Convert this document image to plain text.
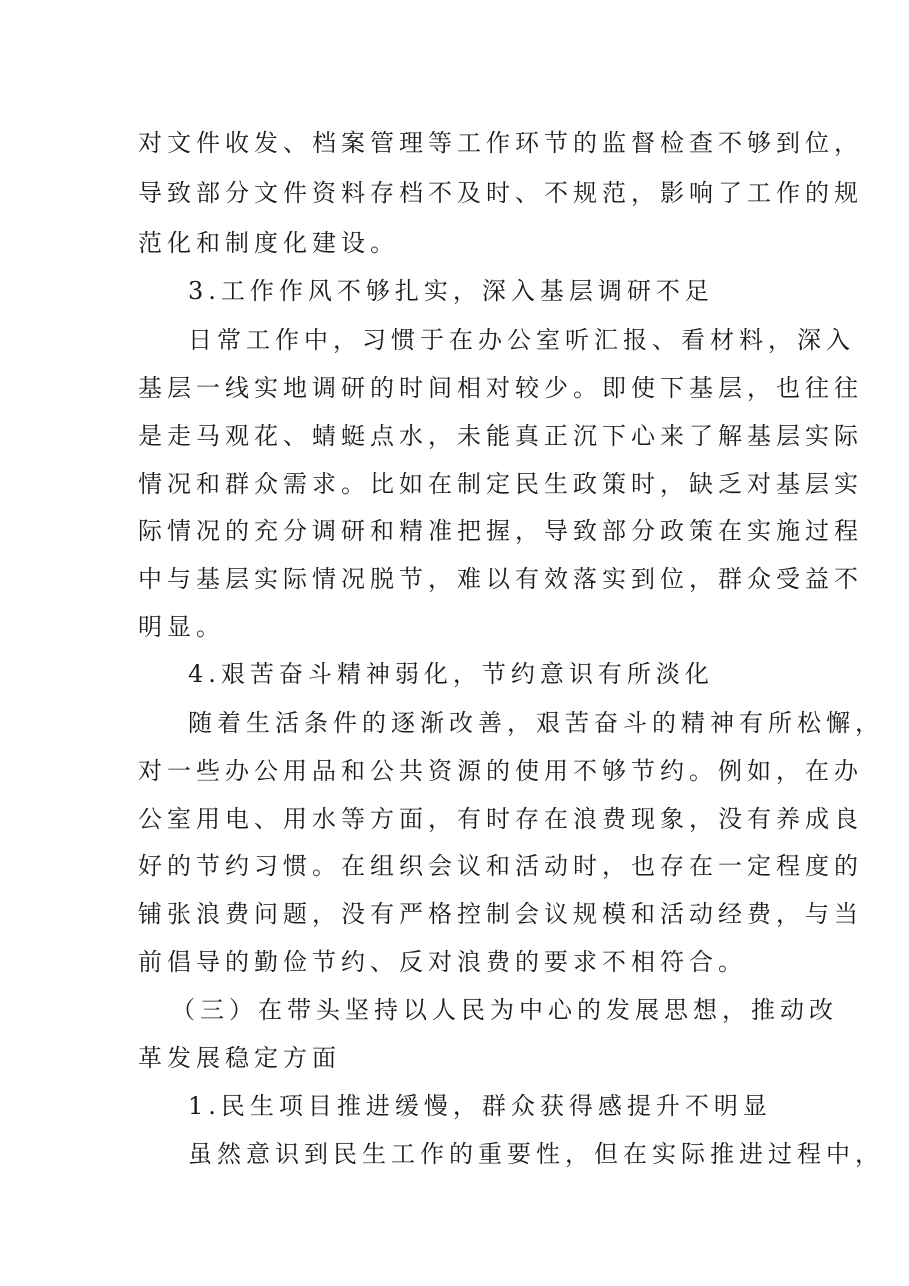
对文件收发、档案管理等工作环节的监督检查不够到位，
导致部分文件资料存档不及时、不规范，影响了工作的规
范化和制度化建设。
3.工作作风不够扎实，深入基层调研不足
日常工作中，习惯于在办公室听汇报、看材料，深入
基层一线实地调研的时间相对较少。即使下基层，也往往
是走马观花、蜻蜓点水，未能真正沉下心来了解基层实际
情况和群众需求。比如在制定民生政策时，缺乏对基层实
际情况的充分调研和精准把握，导致部分政策在实施过程
中与基层实际情况脱节，难以有效落实到位，群众受益不
明显。
4.艰苦奋斗精神弱化，节约意识有所淡化
随着生活条件的逐渐改善，艰苦奋斗的精神有所松懈，
对一些办公用品和公共资源的使用不够节约。例如，在办
公室用电、用水等方面，有时存在浪费现象，没有养成良
好的节约习惯。在组织会议和活动时，也存在一定程度的
铺张浪费问题，没有严格控制会议规模和活动经费，与当
前倡导的勤俭节约、反对浪费的要求不相符合。
（三）在带头坚持以人民为中心的发展思想，推动改
革发展稳定方面
1.民生项目推进缓慢，群众获得感提升不明显
虽然意识到民生工作的重要性，但在实际推进过程中，
